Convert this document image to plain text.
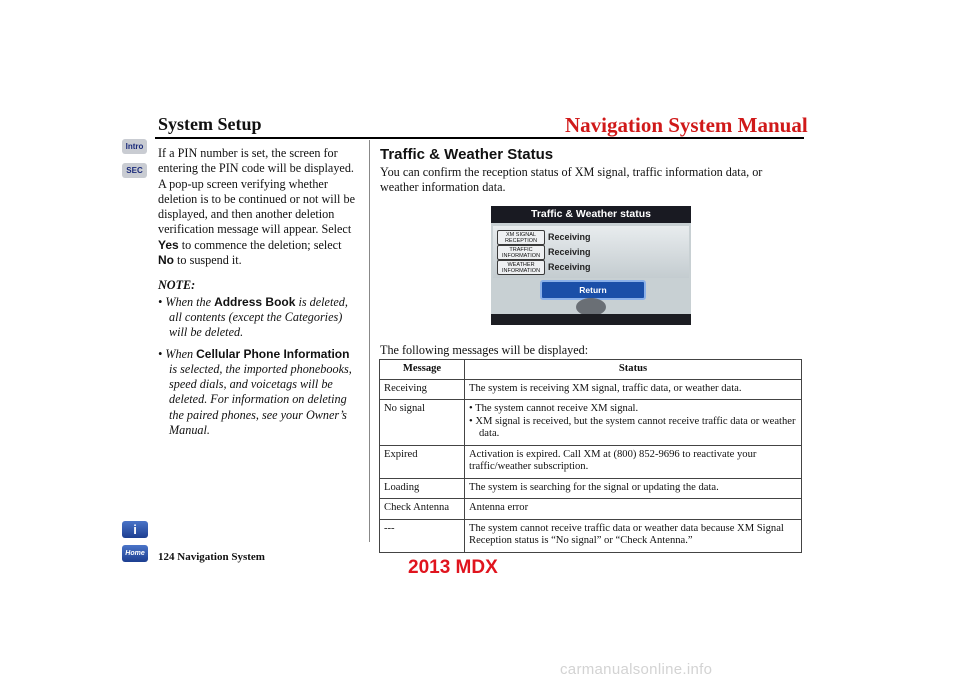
System Setup	Navigation System Manual
Intro
SEC

If a PIN number is set, the screen for entering the PIN code will be displayed. A pop-up screen verifying whether deletion is to be continued or not will be displayed, and then another deletion verification message will appear. Select Yes to commence the deletion; select No to suspend it.

NOTE:

• When the Address Book is deleted, all contents (except the Categories) will be deleted.

• When Cellular Phone Information is selected, the imported phonebooks, speed dials, and voicetags will be deleted. For information on deleting the paired phones, see your Owner’s Manual.

Traffic & Weather Status
You can confirm the reception status of XM signal, traffic information data, or weather information data.
Traffic & Weather status
XM SIGNAL RECEPTION	Receiving
TRAFFIC INFORMATION Receiving
WEATHER INFORMATION Receiving
Return
The following messages will be displayed:
Message	Status
Receiving	The system is receiving XM signal, traffic data, or weather data.
No signal	• The system cannot receive XM signal.
• XM signal is received, but the system cannot receive traffic data or weather data.

Expired	Activation is expired. Call XM at (800) 852-9696 to reactivate your traffic/weather subscription.
Loading	The system is searching for the signal or updating the data.
Check Antenna	Antenna error
---	The system cannot receive traffic data or weather data because XM Signal Reception status is “No signal” or “Check Antenna.”
i
Home 124 Navigation System	2013 MDX
carmanualsonline.info
